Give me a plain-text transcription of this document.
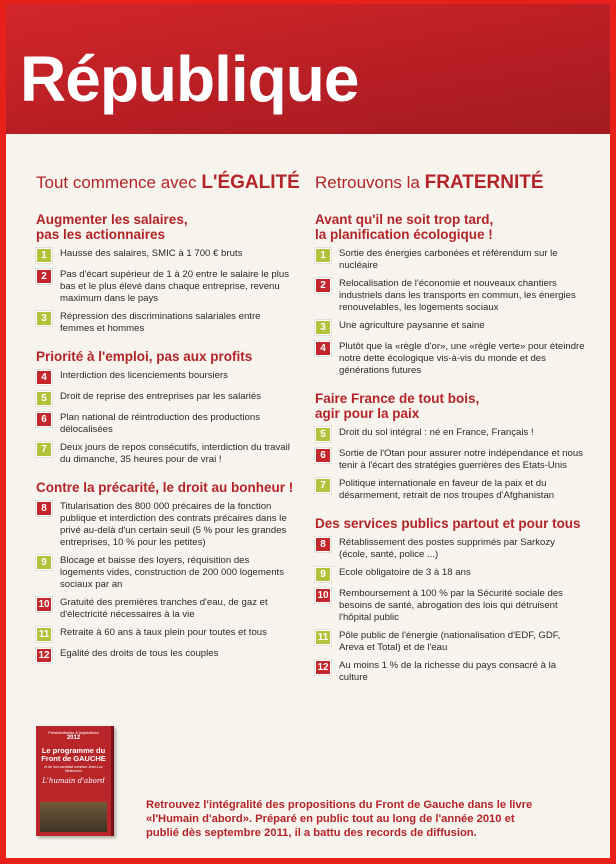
République
Tout commence avec L'ÉGALITÉ
Augmenter les salaires,
pas les actionnaires
1	Hausse des salaires, SMIC à 1 700 € bruts
2	Pas d'écart supérieur de 1 à 20 entre le salaire le plus bas et le plus élevé dans chaque entreprise, revenu maximum dans le pays
3	Répression des discriminations salariales entre femmes et hommes
Priorité à l'emploi, pas aux profits
4	Interdiction des licenciements boursiers
5	Droit de reprise des entreprises par les salariés
6	Plan national de réintroduction des productions délocalisées
7	Deux jours de repos consécutifs, interdiction du travail du dimanche, 35 heures pour de vrai !
Contre la précarité, le droit au bonheur !
8	Titularisation des 800 000 précaires de la fonction publique et interdiction des contrats précaires dans le privé au-delà d'un certain seuil (5 % pour les grandes entreprises, 10 % pour les petites)
9	Blocage et baisse des loyers, réquisition des logements vides, construction de 200 000 logements sociaux par an
10 Gratuité des premières tranches d'eau, de gaz et d'électricité nécessaires à la vie
11 Retraite à 60 ans à taux plein pour toutes et tous
12 Egalité des droits de tous les couples
Retrouvons la FRATERNITÉ
Avant qu'il ne soit trop tard,
la planification écologique !
1	Sortie des énergies carbonées et référendum sur le nucléaire
2	Relocalisation de l'économie et nouveaux chantiers industriels dans les transports en commun, les énergies renouvelables, les logements sociaux
3	Une agriculture paysanne et saine
4	Plutôt que la «règle d'or», une «règle verte» pour éteindre notre dette écologique vis-à-vis du monde et des générations futures
Faire France de tout bois,
agir pour la paix
5	Droit du sol intégral : né en France, Français !
6	Sortie de l'Otan pour assurer notre indépendance et nous tenir à l'écart des stratégies guerrières des Etats-Unis
7	Politique internationale en faveur de la paix et du désarmement, retrait de nos troupes d'Afghanistan
Des services publics partout et pour tous
8	Rétablissement des postes supprimés par Sarkozy (école, santé, police ...)
9	Ecole obligatoire de 3 à 18 ans
10 Remboursement à 100 % par la Sécurité sociale des besoins de santé, abrogation des lois qui détruisent l'hôpital public
11 Pôle public de l'énergie (nationalisation d'EDF, GDF, Areva et Total) et de l'eau
12 Au moins 1 % de la richesse du pays consacré à la culture
Présidentielles & législatives
2012
Le programme du Front de GAUCHE
et de son candidat commun Jean-Luc Mélenchon
L'humain d'abord
Retrouvez l'intégralité des propositions du Front de Gauche dans le livre «l'Humain d'abord». Préparé en public tout au long de l'année 2010 et publié dès septembre 2011, il a battu des records de diffusion.
